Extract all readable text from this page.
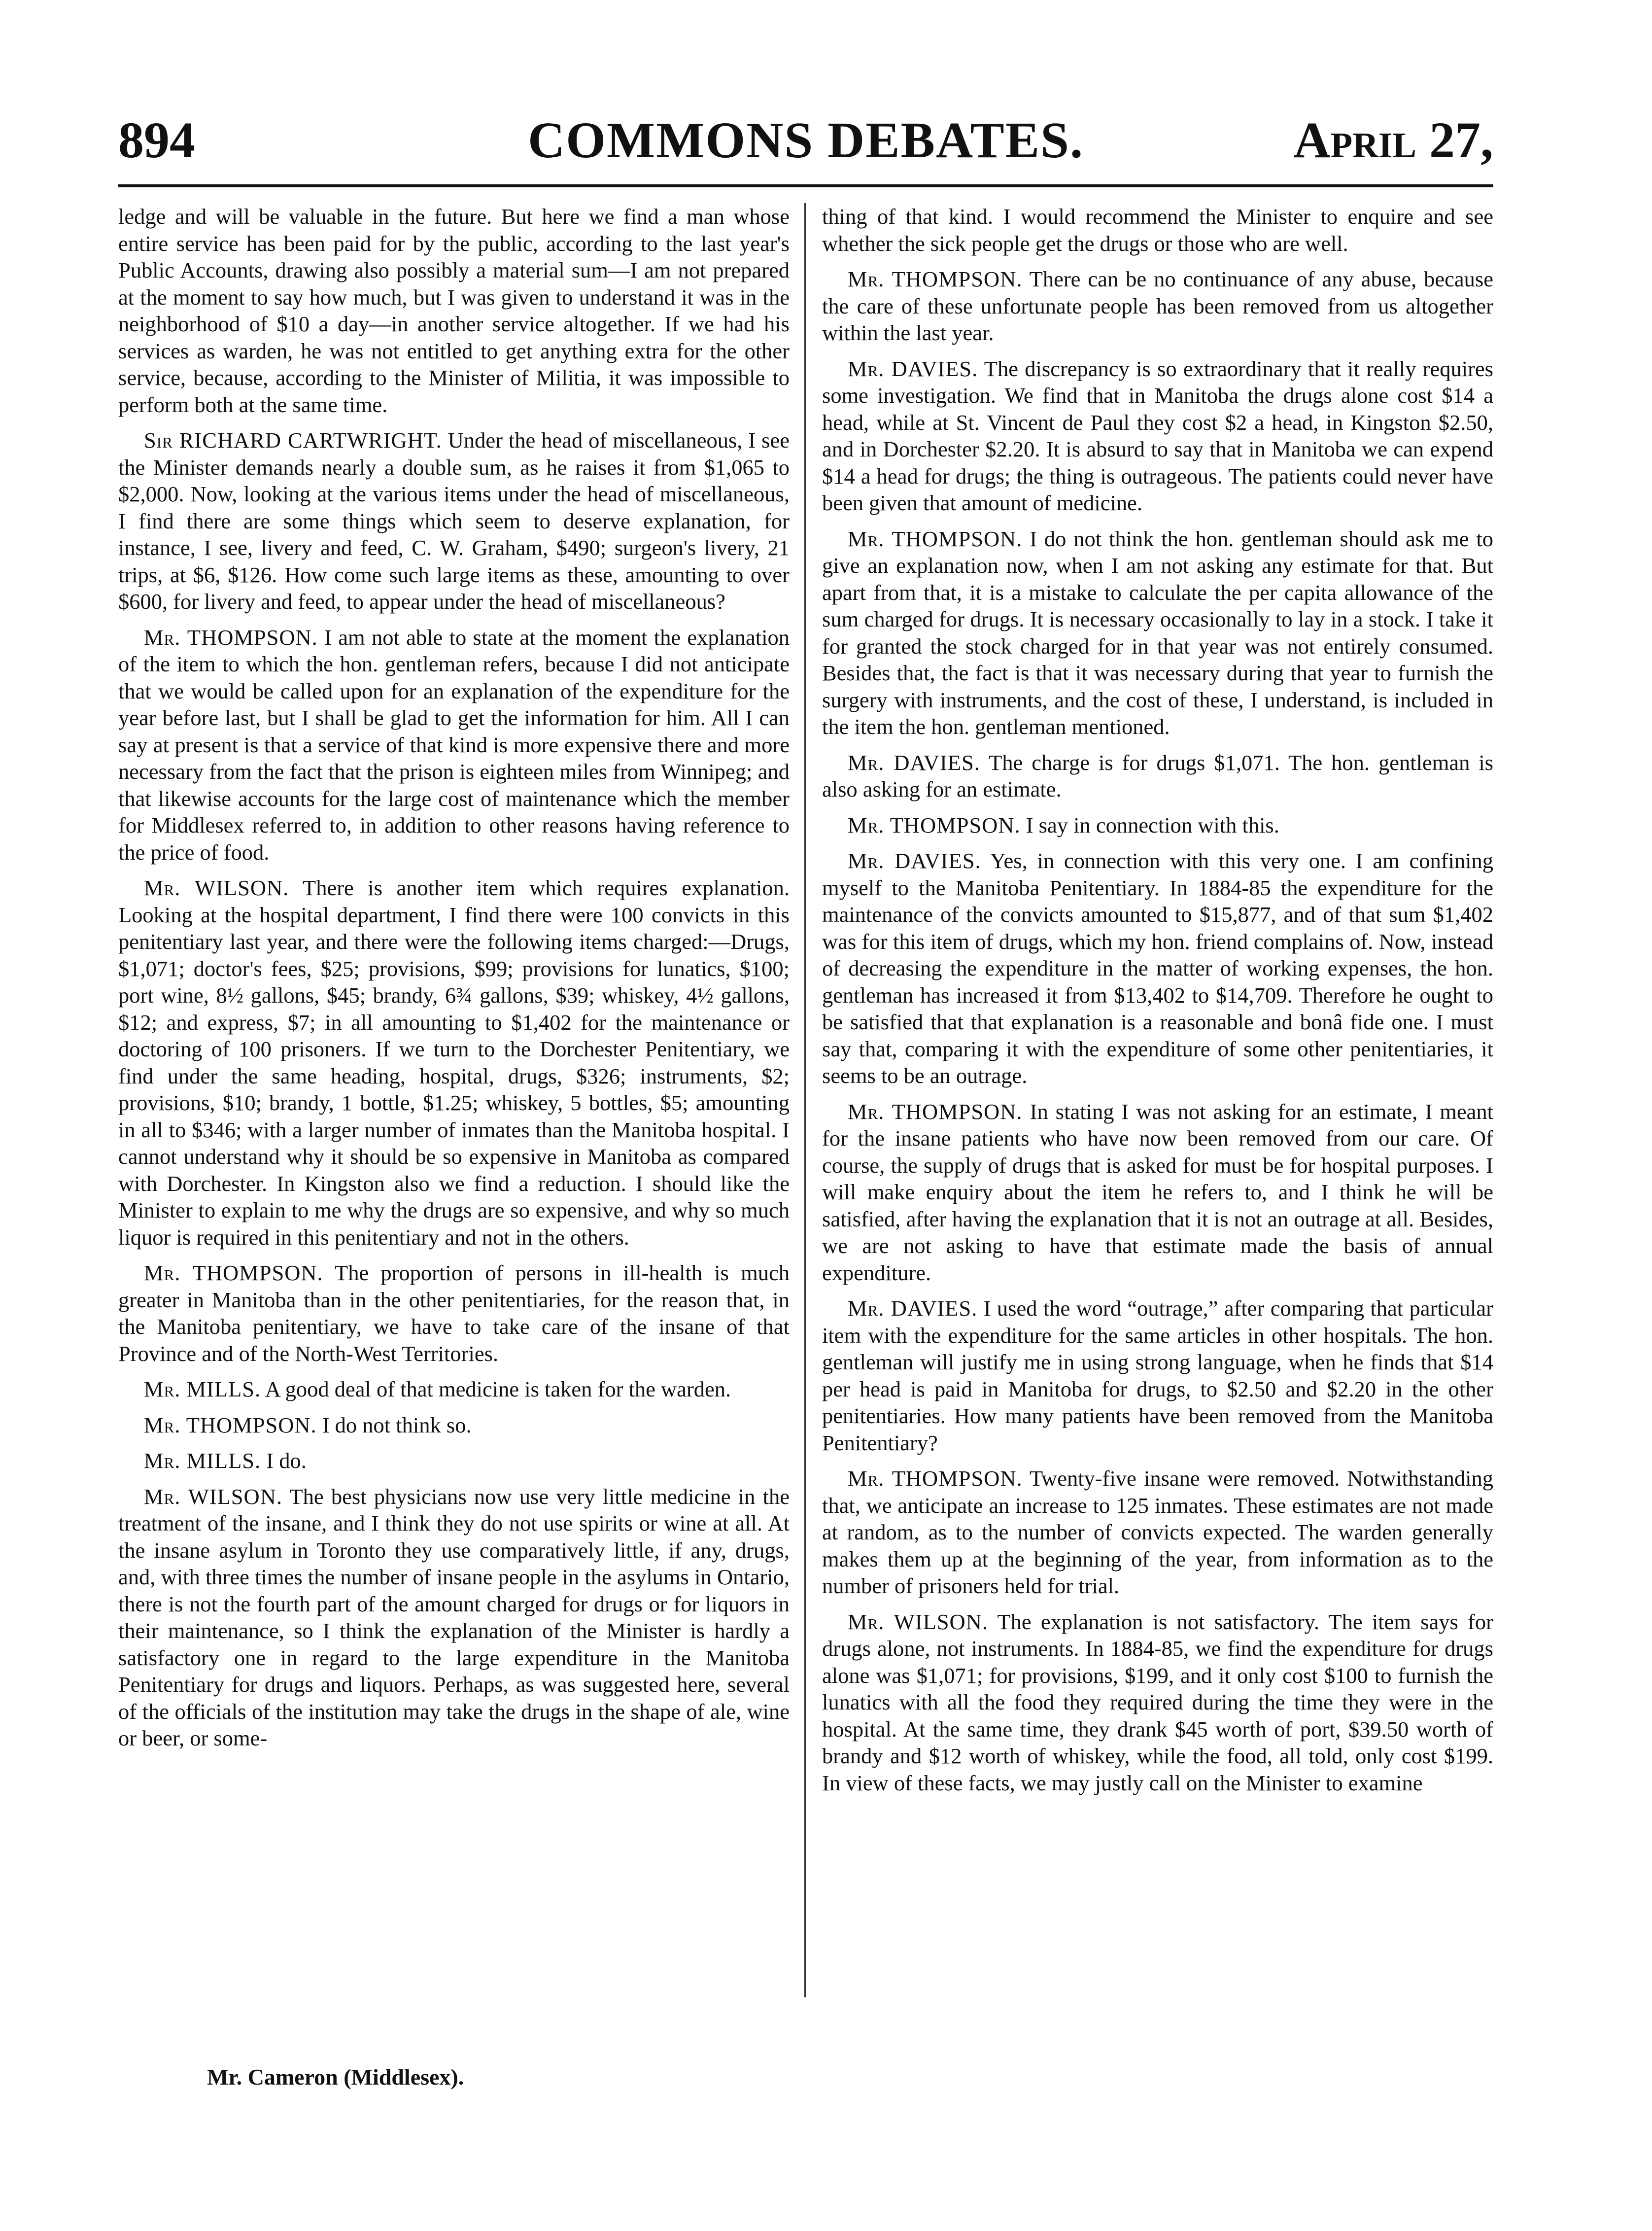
894	COMMONS DEBATES.	April 27,

ledge and will be valuable in the future. But here we find a man whose entire service has been paid for by the public, according to the last year's Public Accounts, drawing also possibly a material sum—I am not prepared at the moment to say how much, but I was given to understand it was in the neighborhood of $10 a day—in another service altogether. If we had his services as warden, he was not entitled to get anything extra for the other service, because, according to the Minister of Militia, it was impossible to perform both at the same time.

Sir RICHARD CARTWRIGHT. Under the head of miscellaneous, I see the Minister demands nearly a double sum, as he raises it from $1,065 to $2,000. Now, looking at the various items under the head of miscellaneous, I find there are some things which seem to deserve explanation, for instance, I see, livery and feed, C. W. Graham, $490; surgeon's livery, 21 trips, at $6, $126. How come such large items as these, amounting to over $600, for livery and feed, to appear under the head of miscellaneous?

Mr. THOMPSON. I am not able to state at the moment the explanation of the item to which the hon. gentleman refers, because I did not anticipate that we would be called upon for an explanation of the expenditure for the year before last, but I shall be glad to get the information for him. All I can say at present is that a service of that kind is more expensive there and more necessary from the fact that the prison is eighteen miles from Winnipeg; and that likewise accounts for the large cost of maintenance which the member for Middlesex referred to, in addition to other reasons having reference to the price of food.

Mr. WILSON. There is another item which requires explanation. Looking at the hospital department, I find there were 100 convicts in this penitentiary last year, and there were the following items charged:—Drugs, $1,071; doctor's fees, $25; provisions, $99; provisions for lunatics, $100; port wine, 8½ gallons, $45; brandy, 6¾ gallons, $39; whiskey, 4½ gallons, $12; and express, $7; in all amounting to $1,402 for the maintenance or doctoring of 100 prisoners. If we turn to the Dorchester Penitentiary, we find under the same heading, hospital, drugs, $326; instruments, $2; provisions, $10; brandy, 1 bottle, $1.25; whiskey, 5 bottles, $5; amounting in all to $346; with a larger number of inmates than the Manitoba hospital. I cannot understand why it should be so expensive in Manitoba as compared with Dorchester. In Kingston also we find a reduction. I should like the Minister to explain to me why the drugs are so expensive, and why so much liquor is required in this penitentiary and not in the others.

Mr. THOMPSON. The proportion of persons in ill-health is much greater in Manitoba than in the other penitentiaries, for the reason that, in the Manitoba penitentiary, we have to take care of the insane of that Province and of the North-West Territories.

Mr. MILLS. A good deal of that medicine is taken for the warden.

Mr. THOMPSON. I do not think so.

Mr. MILLS. I do.

Mr. WILSON. The best physicians now use very little medicine in the treatment of the insane, and I think they do not use spirits or wine at all. At the insane asylum in Toronto they use comparatively little, if any, drugs, and, with three times the number of insane people in the asylums in Ontario, there is not the fourth part of the amount charged for drugs or for liquors in their maintenance, so I think the explanation of the Minister is hardly a satisfactory one in regard to the large expenditure in the Manitoba Penitentiary for drugs and liquors. Perhaps, as was suggested here, several of the officials of the institution may take the drugs in the shape of ale, wine or beer, or some-

thing of that kind. I would recommend the Minister to enquire and see whether the sick people get the drugs or those who are well.

Mr. THOMPSON. There can be no continuance of any abuse, because the care of these unfortunate people has been removed from us altogether within the last year.

Mr. DAVIES. The discrepancy is so extraordinary that it really requires some investigation. We find that in Manitoba the drugs alone cost $14 a head, while at St. Vincent de Paul they cost $2 a head, in Kingston $2.50, and in Dorchester $2.20. It is absurd to say that in Manitoba we can expend $14 a head for drugs; the thing is outrageous. The patients could never have been given that amount of medicine.

Mr. THOMPSON. I do not think the hon. gentleman should ask me to give an explanation now, when I am not asking any estimate for that. But apart from that, it is a mistake to calculate the per capita allowance of the sum charged for drugs. It is necessary occasionally to lay in a stock. I take it for granted the stock charged for in that year was not entirely consumed. Besides that, the fact is that it was necessary during that year to furnish the surgery with instruments, and the cost of these, I understand, is included in the item the hon. gentleman mentioned.

Mr. DAVIES. The charge is for drugs $1,071. The hon. gentleman is also asking for an estimate.

Mr. THOMPSON. I say in connection with this.

Mr. DAVIES. Yes, in connection with this very one. I am confining myself to the Manitoba Penitentiary. In 1884-85 the expenditure for the maintenance of the convicts amounted to $15,877, and of that sum $1,402 was for this item of drugs, which my hon. friend complains of. Now, instead of decreasing the expenditure in the matter of working expenses, the hon. gentleman has increased it from $13,402 to $14,709. Therefore he ought to be satisfied that that explanation is a reasonable and bonâ fide one. I must say that, comparing it with the expenditure of some other penitentiaries, it seems to be an outrage.

Mr. THOMPSON. In stating I was not asking for an estimate, I meant for the insane patients who have now been removed from our care. Of course, the supply of drugs that is asked for must be for hospital purposes. I will make enquiry about the item he refers to, and I think he will be satisfied, after having the explanation that it is not an outrage at all. Besides, we are not asking to have that estimate made the basis of annual expenditure.

Mr. DAVIES. I used the word “outrage,” after comparing that particular item with the expenditure for the same articles in other hospitals. The hon. gentleman will justify me in using strong language, when he finds that $14 per head is paid in Manitoba for drugs, to $2.50 and $2.20 in the other penitentiaries. How many patients have been removed from the Manitoba Penitentiary?

Mr. THOMPSON. Twenty-five insane were removed. Notwithstanding that, we anticipate an increase to 125 inmates. These estimates are not made at random, as to the number of convicts expected. The warden generally makes them up at the beginning of the year, from information as to the number of prisoners held for trial.

Mr. WILSON. The explanation is not satisfactory. The item says for drugs alone, not instruments. In 1884-85, we find the expenditure for drugs alone was $1,071; for provisions, $199, and it only cost $100 to furnish the lunatics with all the food they required during the time they were in the hospital. At the same time, they drank $45 worth of port, $39.50 worth of brandy and $12 worth of whiskey, while the food, all told, only cost $199. In view of these facts, we may justly call on the Minister to examine

Mr. Cameron (Middlesex).
